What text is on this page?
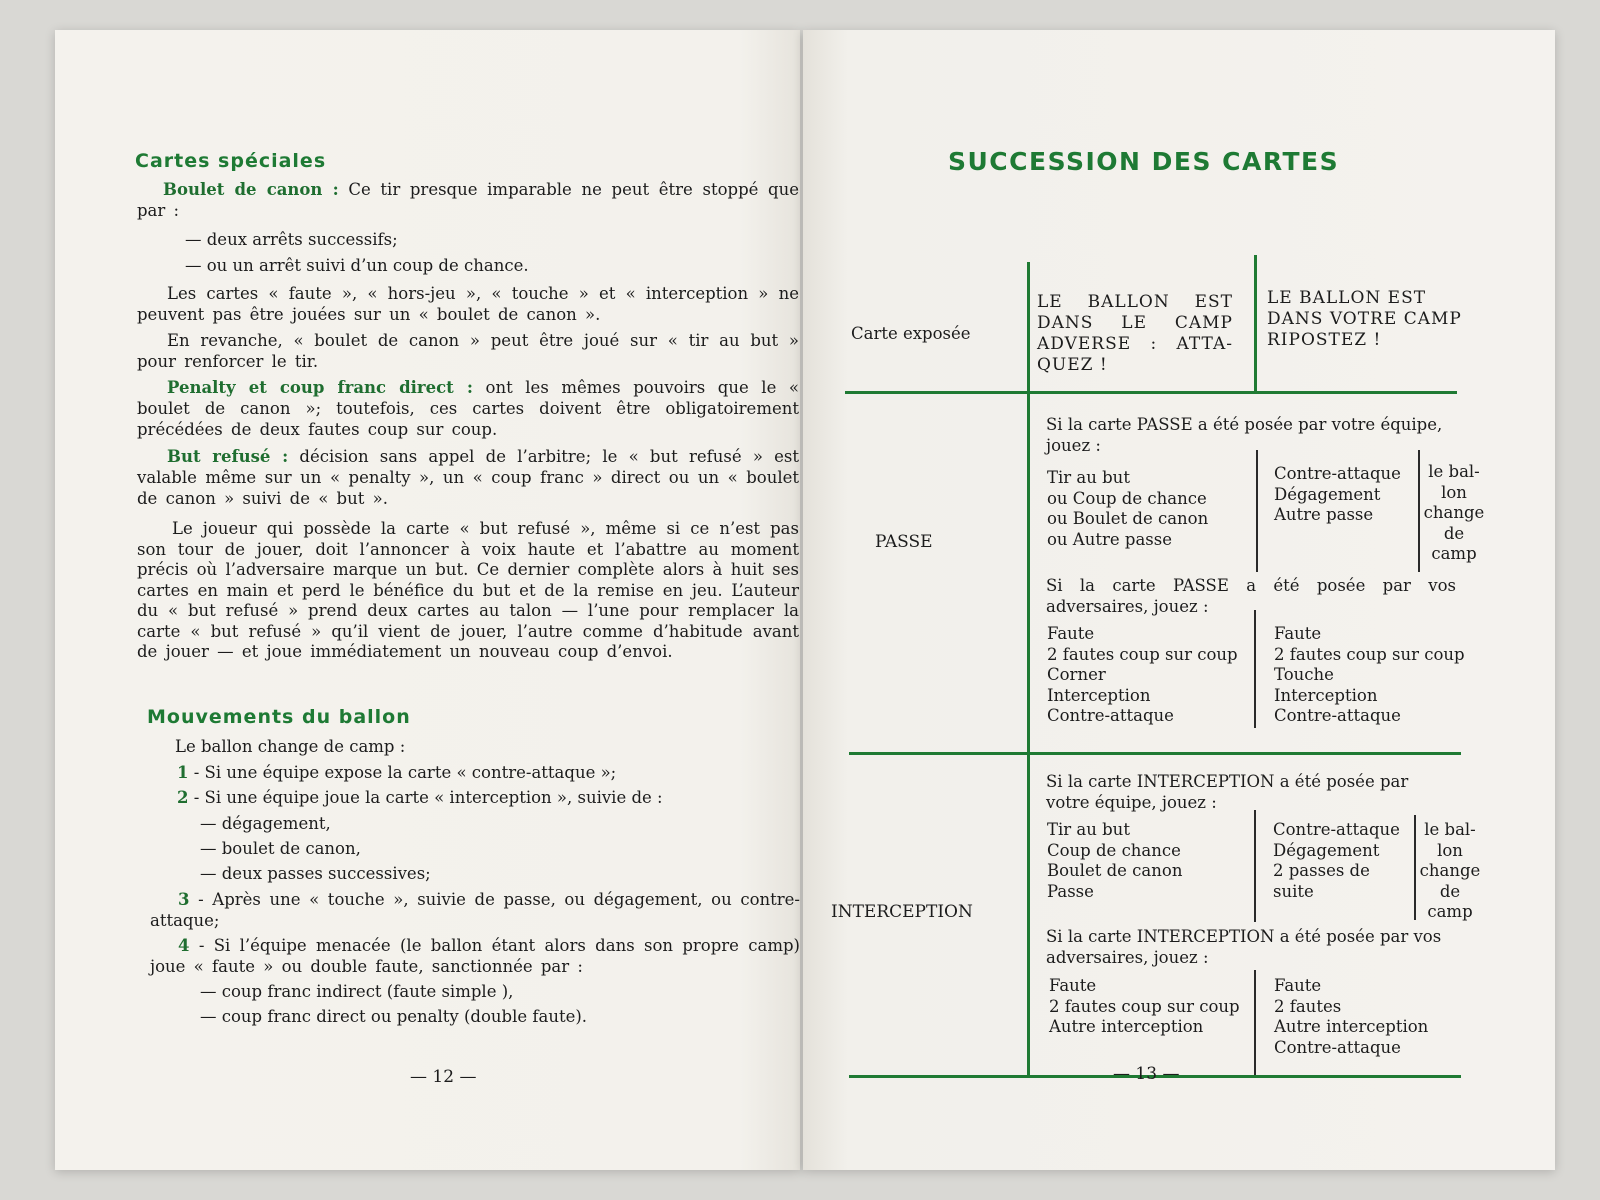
Cartes spéciales

Boulet de canon : Ce tir presque imparable ne peut être stoppé que par :

— deux arrêts successifs;

— ou un arrêt suivi d’un coup de chance.

Les cartes « faute », « hors-jeu », « touche » et « interception » ne peuvent pas être jouées sur un « boulet de canon ».

En revanche, « boulet de canon » peut être joué sur « tir au but » pour renforcer le tir.

Penalty et coup franc direct : ont les mêmes pouvoirs que le « boulet de canon »; toutefois, ces cartes doivent être obligatoirement précédées de deux fautes coup sur coup.

But refusé : décision sans appel de l’arbitre; le « but refusé » est valable même sur un « penalty », un « coup franc » direct ou un « boulet de canon » suivi de « but ».

Le joueur qui possède la carte « but refusé », même si ce n’est pas son tour de jouer, doit l’annoncer à voix haute et l’abattre au moment précis où l’adversaire marque un but. Ce dernier complète alors à huit ses cartes en main et perd le bénéfice du but et de la remise en jeu. L’auteur du « but refusé » prend deux cartes au talon — l’une pour remplacer la carte « but refusé » qu’il vient de jouer, l’autre comme d’habitude avant de jouer — et joue immédiatement un nouveau coup d’envoi.

Mouvements du ballon

Le ballon change de camp :

1 - Si une équipe expose la carte « contre-attaque »;

2 - Si une équipe joue la carte « interception », suivie de :

— dégagement,

— boulet de canon,

— deux passes successives;

3 - Après une « touche », suivie de passe, ou dégagement, ou contre-attaque;

4 - Si l’équipe menacée (le ballon étant alors dans son propre camp) joue « faute » ou double faute, sanctionnée par :

— coup franc indirect (faute simple ),

— coup franc direct ou penalty (double faute).

— 12 —
SUCCESSION DES CARTES

Carte exposée

LE BALLON EST DANS LE CAMP ADVERSE : ATTA-QUEZ !

LE BALLON EST DANS VOTRE CAMP RIPOSTEZ !

PASSE

Si la carte PASSE a été posée par votre équipe, jouez :

Tir au but
ou Coup de chance
ou Boulet de canon
ou Autre passe
Contre-attaque
Dégagement
Autre passe
le bal-
lon
change
de
camp

Si la carte PASSE a été posée par vos adversaires, jouez :

Faute
2 fautes coup sur coup
Corner
Interception
Contre-attaque
Faute
2 fautes coup sur coup
Touche
Interception
Contre-attaque

INTERCEPTION

Si la carte INTERCEPTION a été posée par votre équipe, jouez :

Tir au but
Coup de chance
Boulet de canon
Passe
Contre-attaque
Dégagement
2 passes de
suite
le bal-
lon
change
de
camp

Si la carte INTERCEPTION a été posée par vos adversaires, jouez :

Faute
2 fautes coup sur coup
Autre interception
Faute
2 fautes
Autre interception
Contre-attaque
— 13 —
